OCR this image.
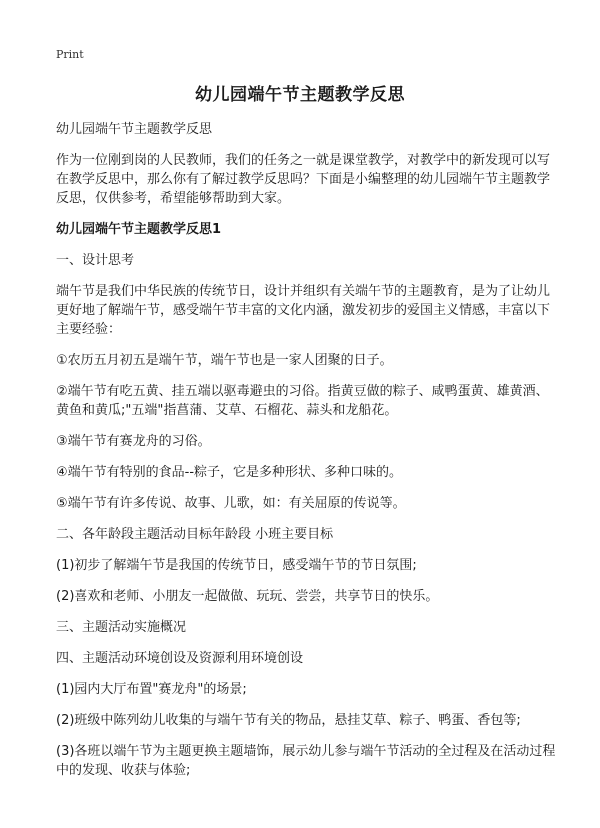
Print
幼儿园端午节主题教学反思

幼儿园端午节主题教学反思

作为一位刚到岗的人民教师，我们的任务之一就是课堂教学，对教学中的新发现可以写在教学反思中，那么你有了解过教学反思吗？下面是小编整理的幼儿园端午节主题教学反思，仅供参考，希望能够帮助到大家。

幼儿园端午节主题教学反思1

一、设计思考

端午节是我们中华民族的传统节日，设计并组织有关端午节的主题教育，是为了让幼儿更好地了解端午节，感受端午节丰富的文化内涵，激发初步的爱国主义情感，丰富以下主要经验：

①农历五月初五是端午节，端午节也是一家人团聚的日子。

②端午节有吃五黄、挂五端以驱毒避虫的习俗。指黄豆做的粽子、咸鸭蛋黄、雄黄酒、黄鱼和黄瓜;"五端"指菖蒲、艾草、石榴花、蒜头和龙船花。

③端午节有赛龙舟的习俗。

④端午节有特别的食品--粽子，它是多种形状、多种口味的。

⑤端午节有许多传说、故事、儿歌，如：有关屈原的传说等。

二、各年龄段主题活动目标年龄段 小班主要目标

(1)初步了解端午节是我国的传统节日，感受端午节的节日氛围;

(2)喜欢和老师、小朋友一起做做、玩玩、尝尝，共享节日的快乐。

三、主题活动实施概况

四、主题活动环境创设及资源利用环境创设

(1)园内大厅布置"赛龙舟"的场景;

(2)班级中陈列幼儿收集的与端午节有关的物品，悬挂艾草、粽子、鸭蛋、香包等;

(3)各班以端午节为主题更换主题墙饰，展示幼儿参与端午节活动的全过程及在活动过程中的发现、收获与体验;
